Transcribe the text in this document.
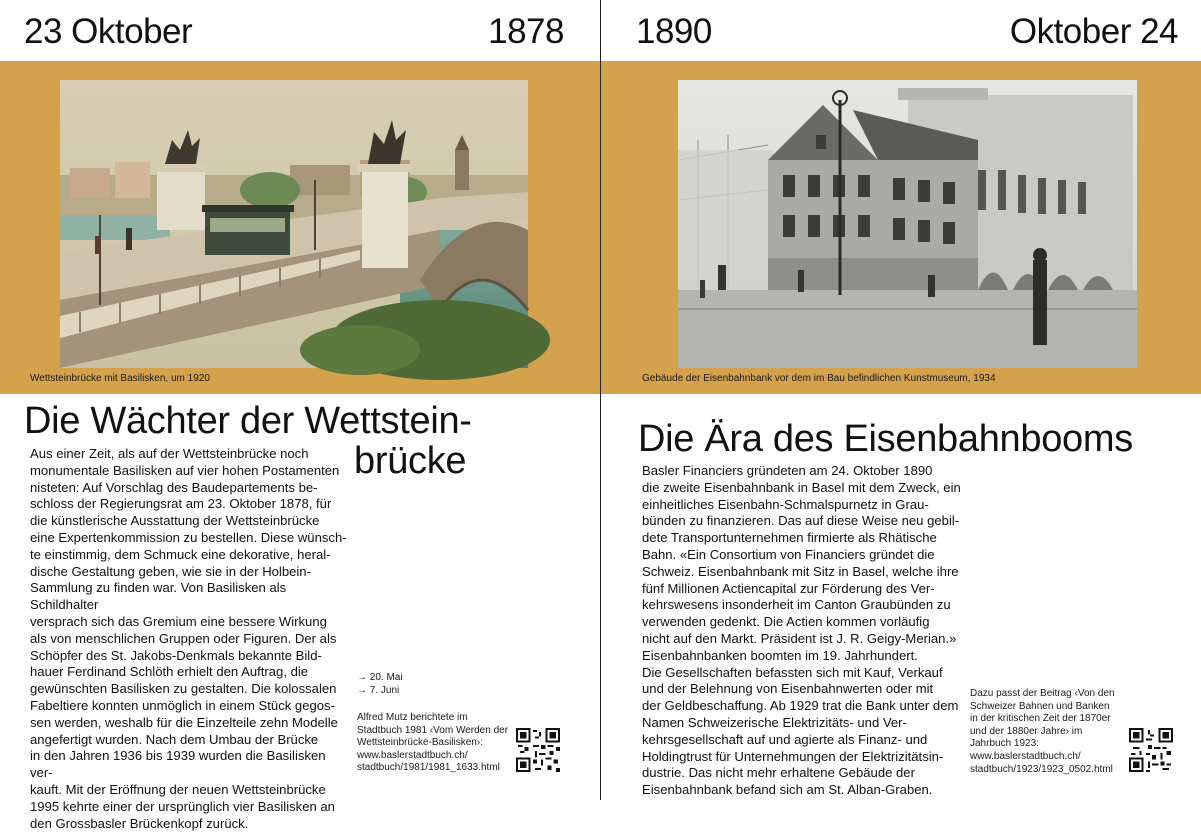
23 Oktober	1878
Wettsteinbrücke mit Basilisken, um 1920
Die Wächter der Wettstein-
brücke

Aus einer Zeit, als auf der Wettsteinbrücke noch

monumentale Basilisken auf vier hohen Postamenten

nisteten: Auf Vorschlag des Baudepartements be-

schloss der Regierungsrat am 23. Oktober 1878, für

die künstlerische Ausstattung der Wettsteinbrücke

eine Expertenkommission zu bestellen. Diese wünsch-

te einstimmig, dem Schmuck eine dekorative, heral-

dische Gestaltung geben, wie sie in der Holbein-

Sammlung zu finden war. Von Basilisken als Schildhalter

versprach sich das Gremium eine bessere Wirkung

als von menschlichen Gruppen oder Figuren. Der als

Schöpfer des St. Jakobs-Denkmals bekannte Bild-

hauer Ferdinand Schlöth erhielt den Auftrag, die

gewünschten Basilisken zu gestalten. Die kolossalen

Fabeltiere konnten unmöglich in einem Stück gegos-

sen werden, weshalb für die Einzelteile zehn Modelle

angefertigt wurden. Nach dem Umbau der Brücke

in den Jahren 1936 bis 1939 wurden die Basilisken ver-

kauft. Mit der Eröffnung der neuen Wettsteinbrücke

1995 kehrte einer der ursprünglich vier Basilisken an

den Grossbasler Brückenkopf zurück.

→ 20. Mai
→ 7. Juni
Alfred Mutz berichtete im
Stadtbuch 1981 ‹Vom Werden der
Wettsteinbrücke-Basilisken›:
www.baslerstadtbuch.ch/
stadtbuch/1981/1981_1633.html
1890	Oktober 24
Gebäude der Eisenbahnbank vor dem im Bau befindlichen Kunstmuseum, 1934
Die Ära des Eisenbahnbooms

Basler Financiers gründeten am 24. Oktober 1890

die zweite Eisenbahnbank in Basel mit dem Zweck, ein

einheitliches Eisenbahn-Schmalspurnetz in Grau-

bünden zu finanzieren. Das auf diese Weise neu gebil-

dete Transportunternehmen firmierte als Rhätische

Bahn. «Ein Consortium von Financiers gründet die

Schweiz. Eisenbahnbank mit Sitz in Basel, welche ihre

fünf Millionen Actiencapital zur Förderung des Ver-

kehrswesens insonderheit im Canton Graubünden zu

verwenden gedenkt. Die Actien kommen vorläufig

nicht auf den Markt. Präsident ist J. R. Geigy-Merian.»

Eisenbahnbanken boomten im 19. Jahrhundert.

Die Gesellschaften befassten sich mit Kauf, Verkauf

und der Belehnung von Eisenbahnwerten oder mit

der Geldbeschaffung. Ab 1929 trat die Bank unter dem

Namen Schweizerische Elektrizitäts- und Ver-

kehrsgesellschaft auf und agierte als Finanz- und

Holdingtrust für Unternehmungen der Elektrizitätsin-

dustrie. Das nicht mehr erhaltene Gebäude der

Eisenbahnbank befand sich am St. Alban-Graben.

Dazu passt der Beitrag ‹Von den
Schweizer Bahnen und Banken
in der kritischen Zeit der 1870er
und der 1880er Jahre› im
Jahrbuch 1923:
www.baslerstadtbuch.ch/
stadtbuch/1923/1923_0502.html
